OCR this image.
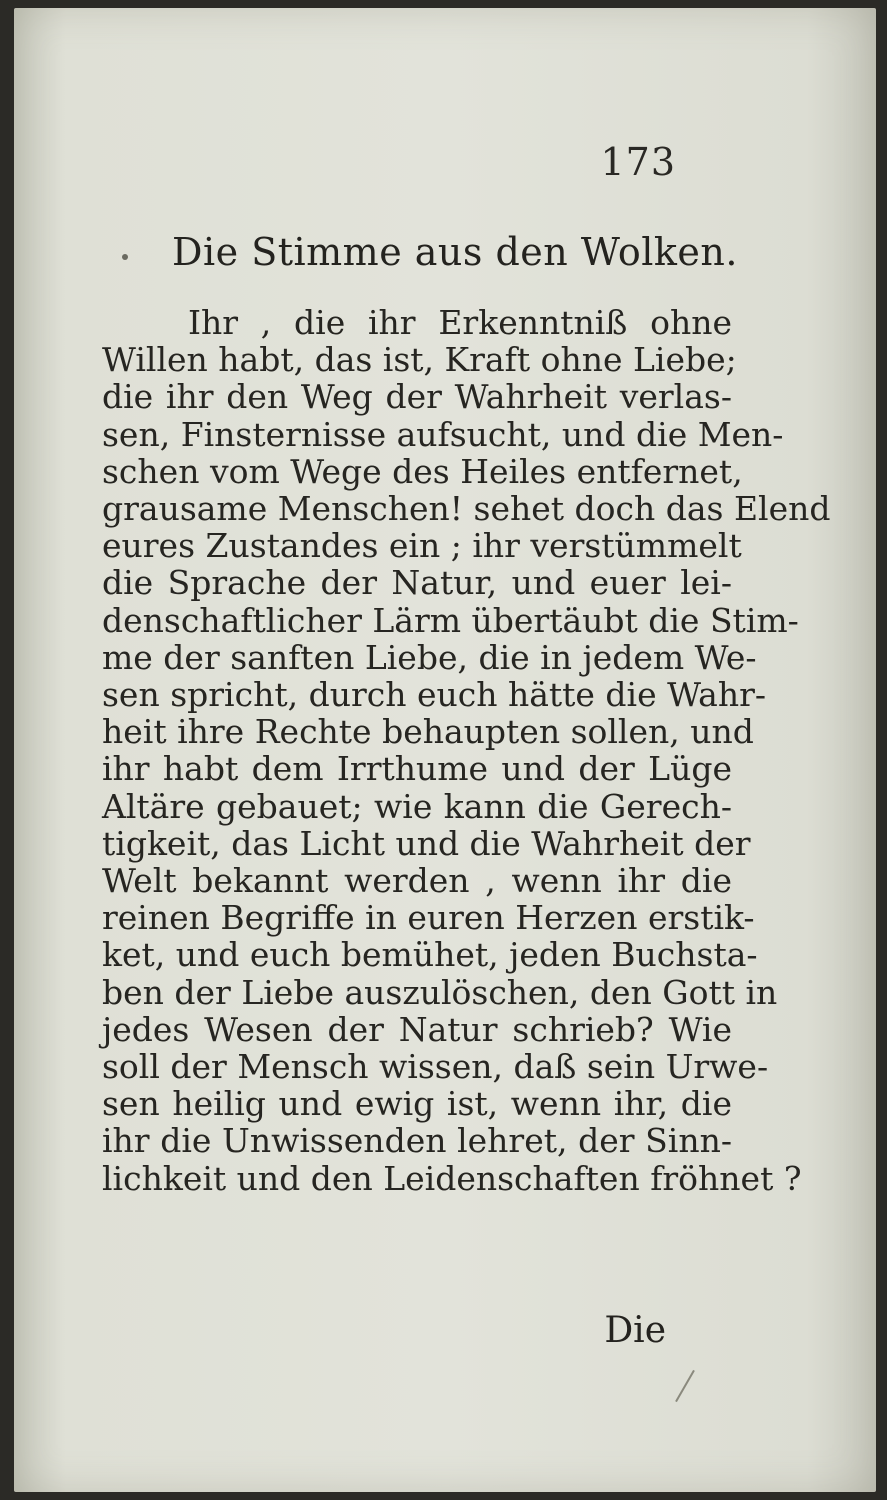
173
Die Stimme aus den Wolken.
Ihr , die ihr Erkenntniß ohne
Willen habt, das ist, Kraft ohne Liebe;
die ihr den Weg der Wahrheit verlas-
sen, Finsternisse aufsucht, und die Men-
schen vom Wege des Heiles entfernet,
grausame Menschen! sehet doch das Elend
eures Zustandes ein ; ihr verstümmelt
die Sprache der Natur, und euer lei-
denschaftlicher Lärm übertäubt die Stim-
me der sanften Liebe, die in jedem We-
sen spricht, durch euch hätte die Wahr-
heit ihre Rechte behaupten sollen, und
ihr habt dem Irrthume und der Lüge
Altäre gebauet; wie kann die Gerech-
tigkeit, das Licht und die Wahrheit der
Welt bekannt werden , wenn ihr die
reinen Begriffe in euren Herzen erstik-
ket, und euch bemühet, jeden Buchsta-
ben der Liebe auszulöschen, den Gott in
jedes Wesen der Natur schrieb? Wie
soll der Mensch wissen, daß sein Urwe-
sen heilig und ewig ist, wenn ihr, die
ihr die Unwissenden lehret, der Sinn-
lichkeit und den Leidenschaften fröhnet ?
Die
